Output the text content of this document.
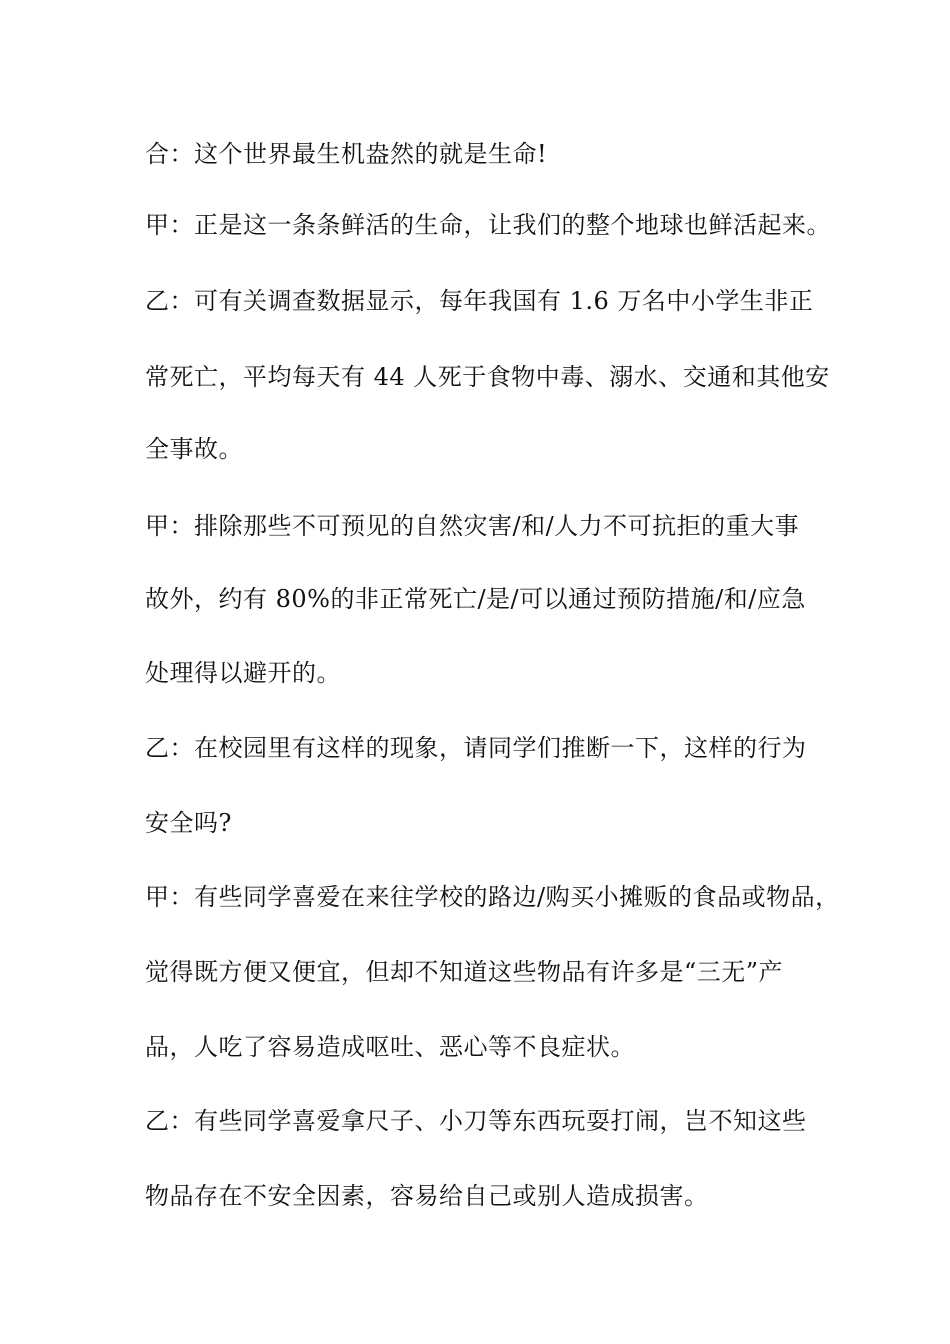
合：这个世界最生机盎然的就是生命!
甲：正是这一条条鲜活的生命，让我们的整个地球也鲜活起来。
乙：可有关调查数据显示，每年我国有 1.6 万名中小学生非正
常死亡，平均每天有 44 人死于食物中毒、溺水、交通和其他安
全事故。
甲：排除那些不可预见的自然灾害/和/人力不可抗拒的重大事
故外，约有 80%的非正常死亡/是/可以通过预防措施/和/应急
处理得以避开的。
乙：在校园里有这样的现象，请同学们推断一下，这样的行为
安全吗?
甲：有些同学喜爱在来往学校的路边/购买小摊贩的食品或物品，
觉得既方便又便宜，但却不知道这些物品有许多是“三无”产
品，人吃了容易造成呕吐、恶心等不良症状。
乙：有些同学喜爱拿尺子、小刀等东西玩耍打闹，岂不知这些
物品存在不安全因素，容易给自己或别人造成损害。
